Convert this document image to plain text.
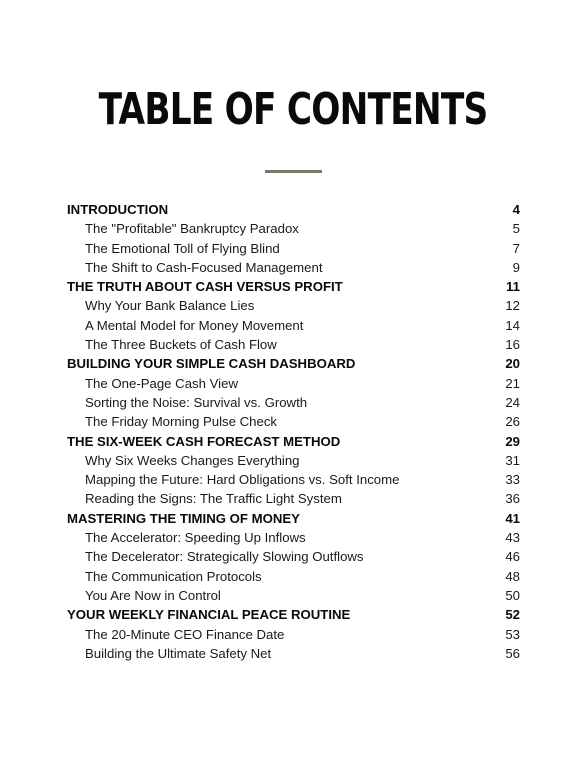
TABLE OF CONTENTS
INTRODUCTION	4
The "Profitable" Bankruptcy Paradox	5
The Emotional Toll of Flying Blind	7
The Shift to Cash-Focused Management	9
THE TRUTH ABOUT CASH VERSUS PROFIT	11
Why Your Bank Balance Lies	12
A Mental Model for Money Movement	14
The Three Buckets of Cash Flow	16
BUILDING YOUR SIMPLE CASH DASHBOARD	20
The One-Page Cash View	21
Sorting the Noise: Survival vs. Growth	24
The Friday Morning Pulse Check	26
THE SIX-WEEK CASH FORECAST METHOD	29
Why Six Weeks Changes Everything	31
Mapping the Future: Hard Obligations vs. Soft Income	33
Reading the Signs: The Traffic Light System	36
MASTERING THE TIMING OF MONEY	41
The Accelerator: Speeding Up Inflows	43
The Decelerator: Strategically Slowing Outflows	46
The Communication Protocols	48
You Are Now in Control	50
YOUR WEEKLY FINANCIAL PEACE ROUTINE	52
The 20-Minute CEO Finance Date	53
Building the Ultimate Safety Net	56
